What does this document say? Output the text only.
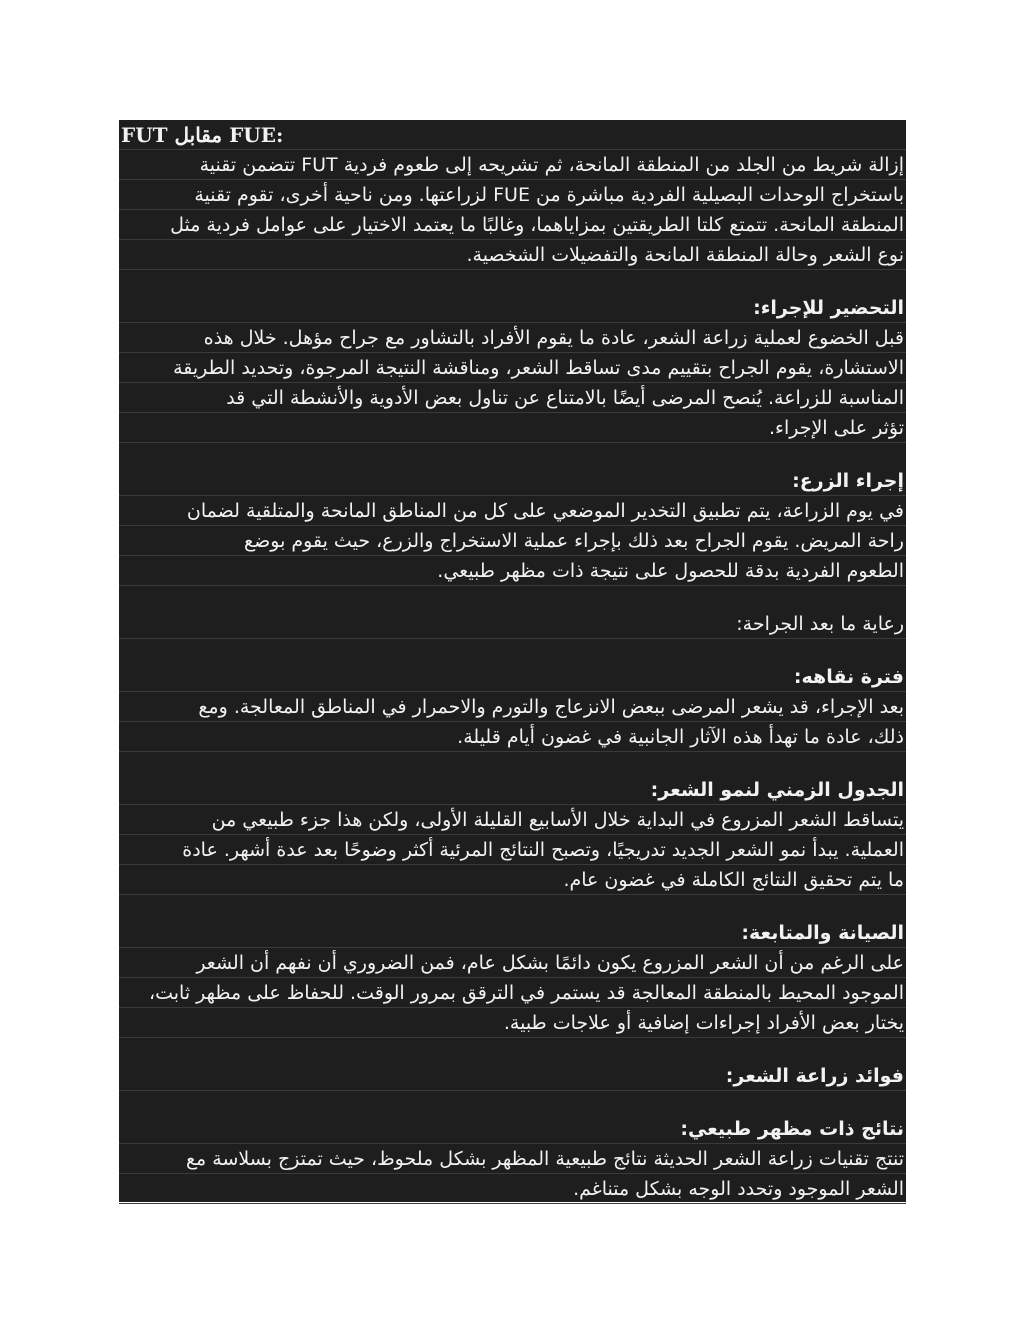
FUT مقابل FUE:
إزالة شريط من الجلد من المنطقة المانحة، ثم تشريحه إلى طعوم فردية FUT تتضمن تقنية
باستخراج الوحدات البصيلية الفردية مباشرة من FUE لزراعتها. ومن ناحية أخرى، تقوم تقنية
المنطقة المانحة. تتمتع كلتا الطريقتين بمزاياهما، وغالبًا ما يعتمد الاختيار على عوامل فردية مثل
نوع الشعر وحالة المنطقة المانحة والتفضيلات الشخصية.
التحضير للإجراء:
قبل الخضوع لعملية زراعة الشعر، عادة ما يقوم الأفراد بالتشاور مع جراح مؤهل. خلال هذه
الاستشارة، يقوم الجراح بتقييم مدى تساقط الشعر، ومناقشة النتيجة المرجوة، وتحديد الطريقة
المناسبة للزراعة. يُنصح المرضى أيضًا بالامتناع عن تناول بعض الأدوية والأنشطة التي قد
تؤثر على الإجراء.
إجراء الزرع:
في يوم الزراعة، يتم تطبيق التخدير الموضعي على كل من المناطق المانحة والمتلقية لضمان
راحة المريض. يقوم الجراح بعد ذلك بإجراء عملية الاستخراج والزرع، حيث يقوم بوضع
الطعوم الفردية بدقة للحصول على نتيجة ذات مظهر طبيعي.
رعاية ما بعد الجراحة:
فترة نقاهه:
بعد الإجراء، قد يشعر المرضى ببعض الانزعاج والتورم والاحمرار في المناطق المعالجة. ومع
ذلك، عادة ما تهدأ هذه الآثار الجانبية في غضون أيام قليلة.
الجدول الزمني لنمو الشعر:
يتساقط الشعر المزروع في البداية خلال الأسابيع القليلة الأولى، ولكن هذا جزء طبيعي من
العملية. يبدأ نمو الشعر الجديد تدريجيًا، وتصبح النتائج المرئية أكثر وضوحًا بعد عدة أشهر. عادة
ما يتم تحقيق النتائج الكاملة في غضون عام.
الصيانة والمتابعة:
على الرغم من أن الشعر المزروع يكون دائمًا بشكل عام، فمن الضروري أن نفهم أن الشعر
الموجود المحيط بالمنطقة المعالجة قد يستمر في الترقق بمرور الوقت. للحفاظ على مظهر ثابت،
يختار بعض الأفراد إجراءات إضافية أو علاجات طبية.
فوائد زراعة الشعر:
نتائج ذات مظهر طبيعي:
تنتج تقنيات زراعة الشعر الحديثة نتائج طبيعية المظهر بشكل ملحوظ، حيث تمتزج بسلاسة مع
الشعر الموجود وتحدد الوجه بشكل متناغم.
